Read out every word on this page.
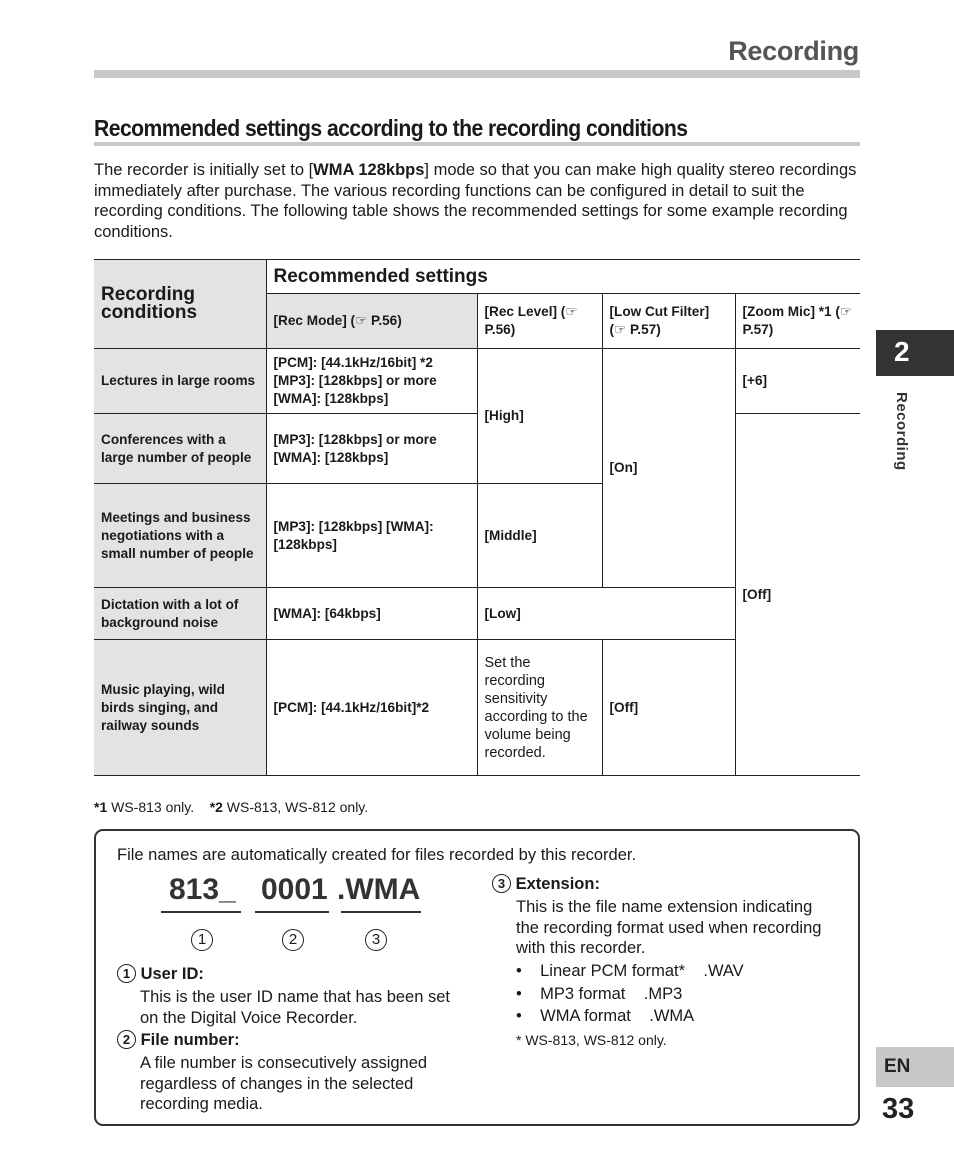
Recording
Recommended settings according to the recording conditions
The recorder is initially set to [WMA 128kbps] mode so that you can make high quality stereo recordings immediately after purchase. The various recording functions can be configured in detail to suit the recording conditions. The following table shows the recommended settings for some example recording conditions.
Recording conditions	Recommended settings			
	[Rec Mode] (☞ P.56)	[Rec Level] (☞ P.56)	[Low Cut Filter] (☞ P.57)	[Zoom Mic] *1 (☞ P.57)
Lectures in large rooms	[PCM]: [44.1kHz/16bit] *2 [MP3]: [128kbps] or more [WMA]: [128kbps]	[High]	[On]	[+6]
Conferences with a large number of people	[MP3]: [128kbps] or more [WMA]: [128kbps]			[Off]
Meetings and business negotiations with a small number of people	[MP3]: [128kbps] [WMA]: [128kbps]	[Middle]		
Dictation with a lot of background noise	[WMA]: [64kbps]	[Low]		
Music playing, wild birds singing, and railway sounds	[PCM]: [44.1kHz/16bit]*2	Set the recording sensitivity according to the volume being recorded.	[Off]	
*1 WS-813 only. *2 WS-813, WS-812 only.
File names are automatically created for files recorded by this recorder.
813_ 0001 .WMA
1	2	3
1 User ID:
This is the user ID name that has been set on the Digital Voice Recorder.
2 File number:
A file number is consecutively assigned regardless of changes in the selected recording media.
3 Extension:
This is the file name extension indicating the recording format used when recording with this recorder.
• Linear PCM format* .WAV
• MP3 format .MP3
• WMA format .WMA
* WS-813, WS-812 only.
2
Recording
EN
33
